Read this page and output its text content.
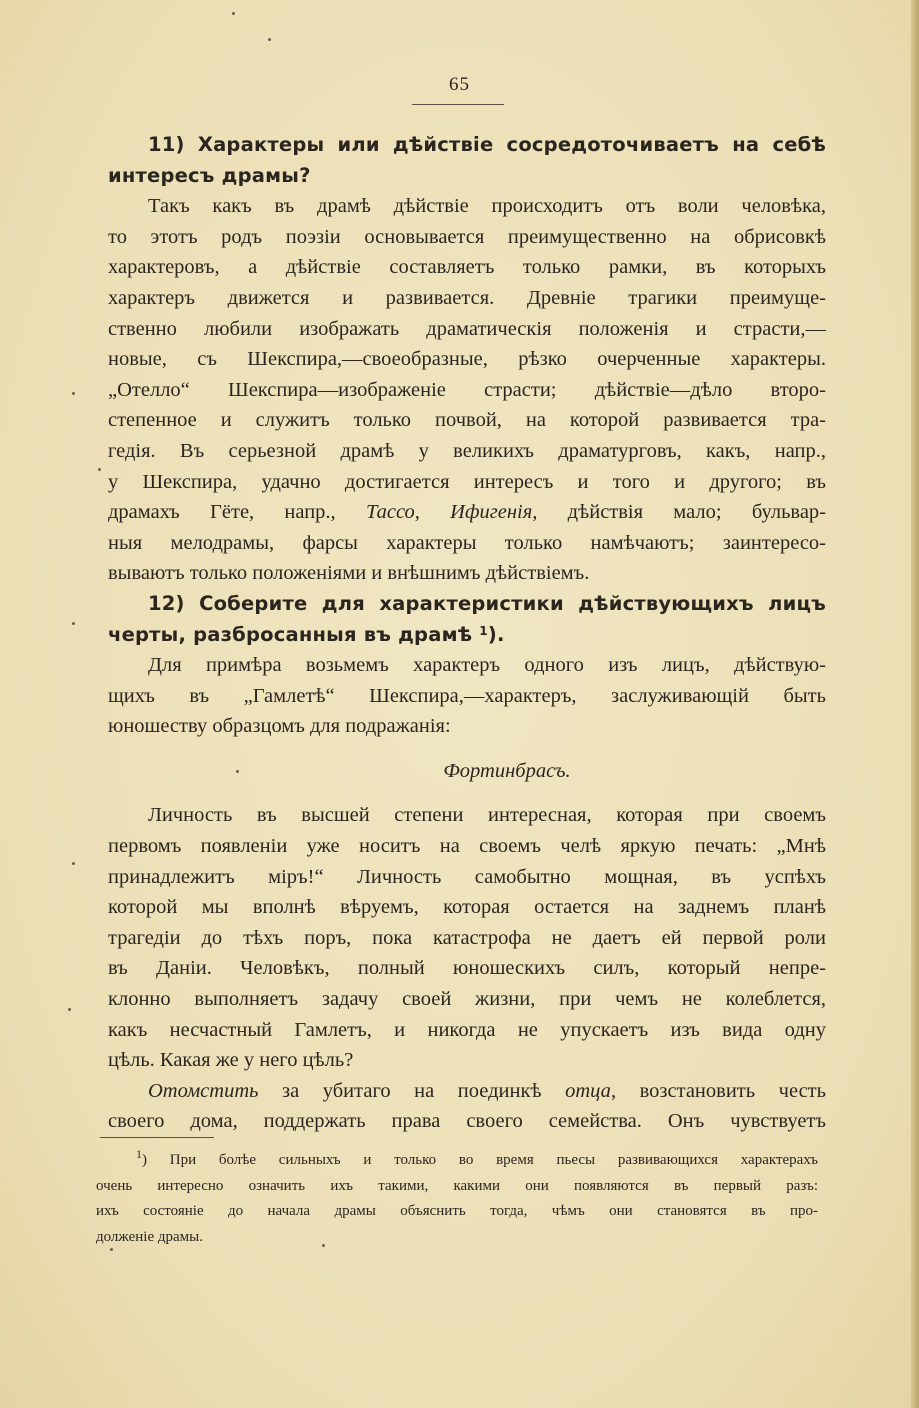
65
11) Характеры или дѣйствіе сосредоточиваетъ на себѣ
интересъ драмы?
Такъ какъ въ драмѣ дѣйствіе происходитъ отъ воли человѣка,
то этотъ родъ поэзіи основывается преимущественно на обрисовкѣ
характеровъ, а дѣйствіе составляетъ только рамки, въ которыхъ
характеръ движется и развивается. Древніе трагики преимуще-
ственно любили изображать драматическія положенія и страсти,—
новые, съ Шекспира,—своеобразные, рѣзко очерченные характеры.
„Отелло“ Шекспира—изображеніе страсти; дѣйствіе—дѣло второ-
степенное и служитъ только почвой, на которой развивается тра-
гедія. Въ серьезной драмѣ у великихъ драматурговъ, какъ, напр.,
у Шекспира, удачно достигается интересъ и того и другого; въ
драмахъ Гёте, напр., Тассо, Ифигенія, дѣйствія мало; бульвар-
ныя мелодрамы, фарсы характеры только намѣчаютъ; заинтересо-
вываютъ только положеніями и внѣшнимъ дѣйствіемъ.
12) Соберите для характеристики дѣйствующихъ лицъ
черты, разбросанныя въ драмѣ $^1$).
Для примѣра возьмемъ характеръ одного изъ лицъ, дѣйствую-
щихъ въ „Гамлетѣ“ Шекспира,—характеръ, заслуживающій быть
юношеству образцомъ для подражанія:
Фортинбрасъ.
Личность въ высшей степени интересная, которая при своемъ
первомъ появленіи уже носитъ на своемъ челѣ яркую печать: „Мнѣ
принадлежитъ міръ!“ Личность самобытно мощная, въ успѣхъ
которой мы вполнѣ вѣруемъ, которая остается на заднемъ планѣ
трагедіи до тѣхъ поръ, пока катастрофа не даетъ ей первой роли
въ Даніи. Человѣкъ, полный юношескихъ силъ, который непре-
клонно выполняетъ задачу своей жизни, при чемъ не колеблется,
какъ несчастный Гамлетъ, и никогда не упускаетъ изъ вида одну
цѣль. Какая же у него цѣль?
Отомстить за убитаго на поединкѣ отца, возстановить честь
своего дома, поддержать права своего семейства. Онъ чувствуетъ
$^1$) При болѣе сильныхъ и только во время пьесы развивающихся характерахъ
очень интересно означить ихъ такими, какими они появляются въ первый разъ:
ихъ состояніе до начала драмы объяснить тогда, чѣмъ они становятся въ про-
долженіе драмы.
